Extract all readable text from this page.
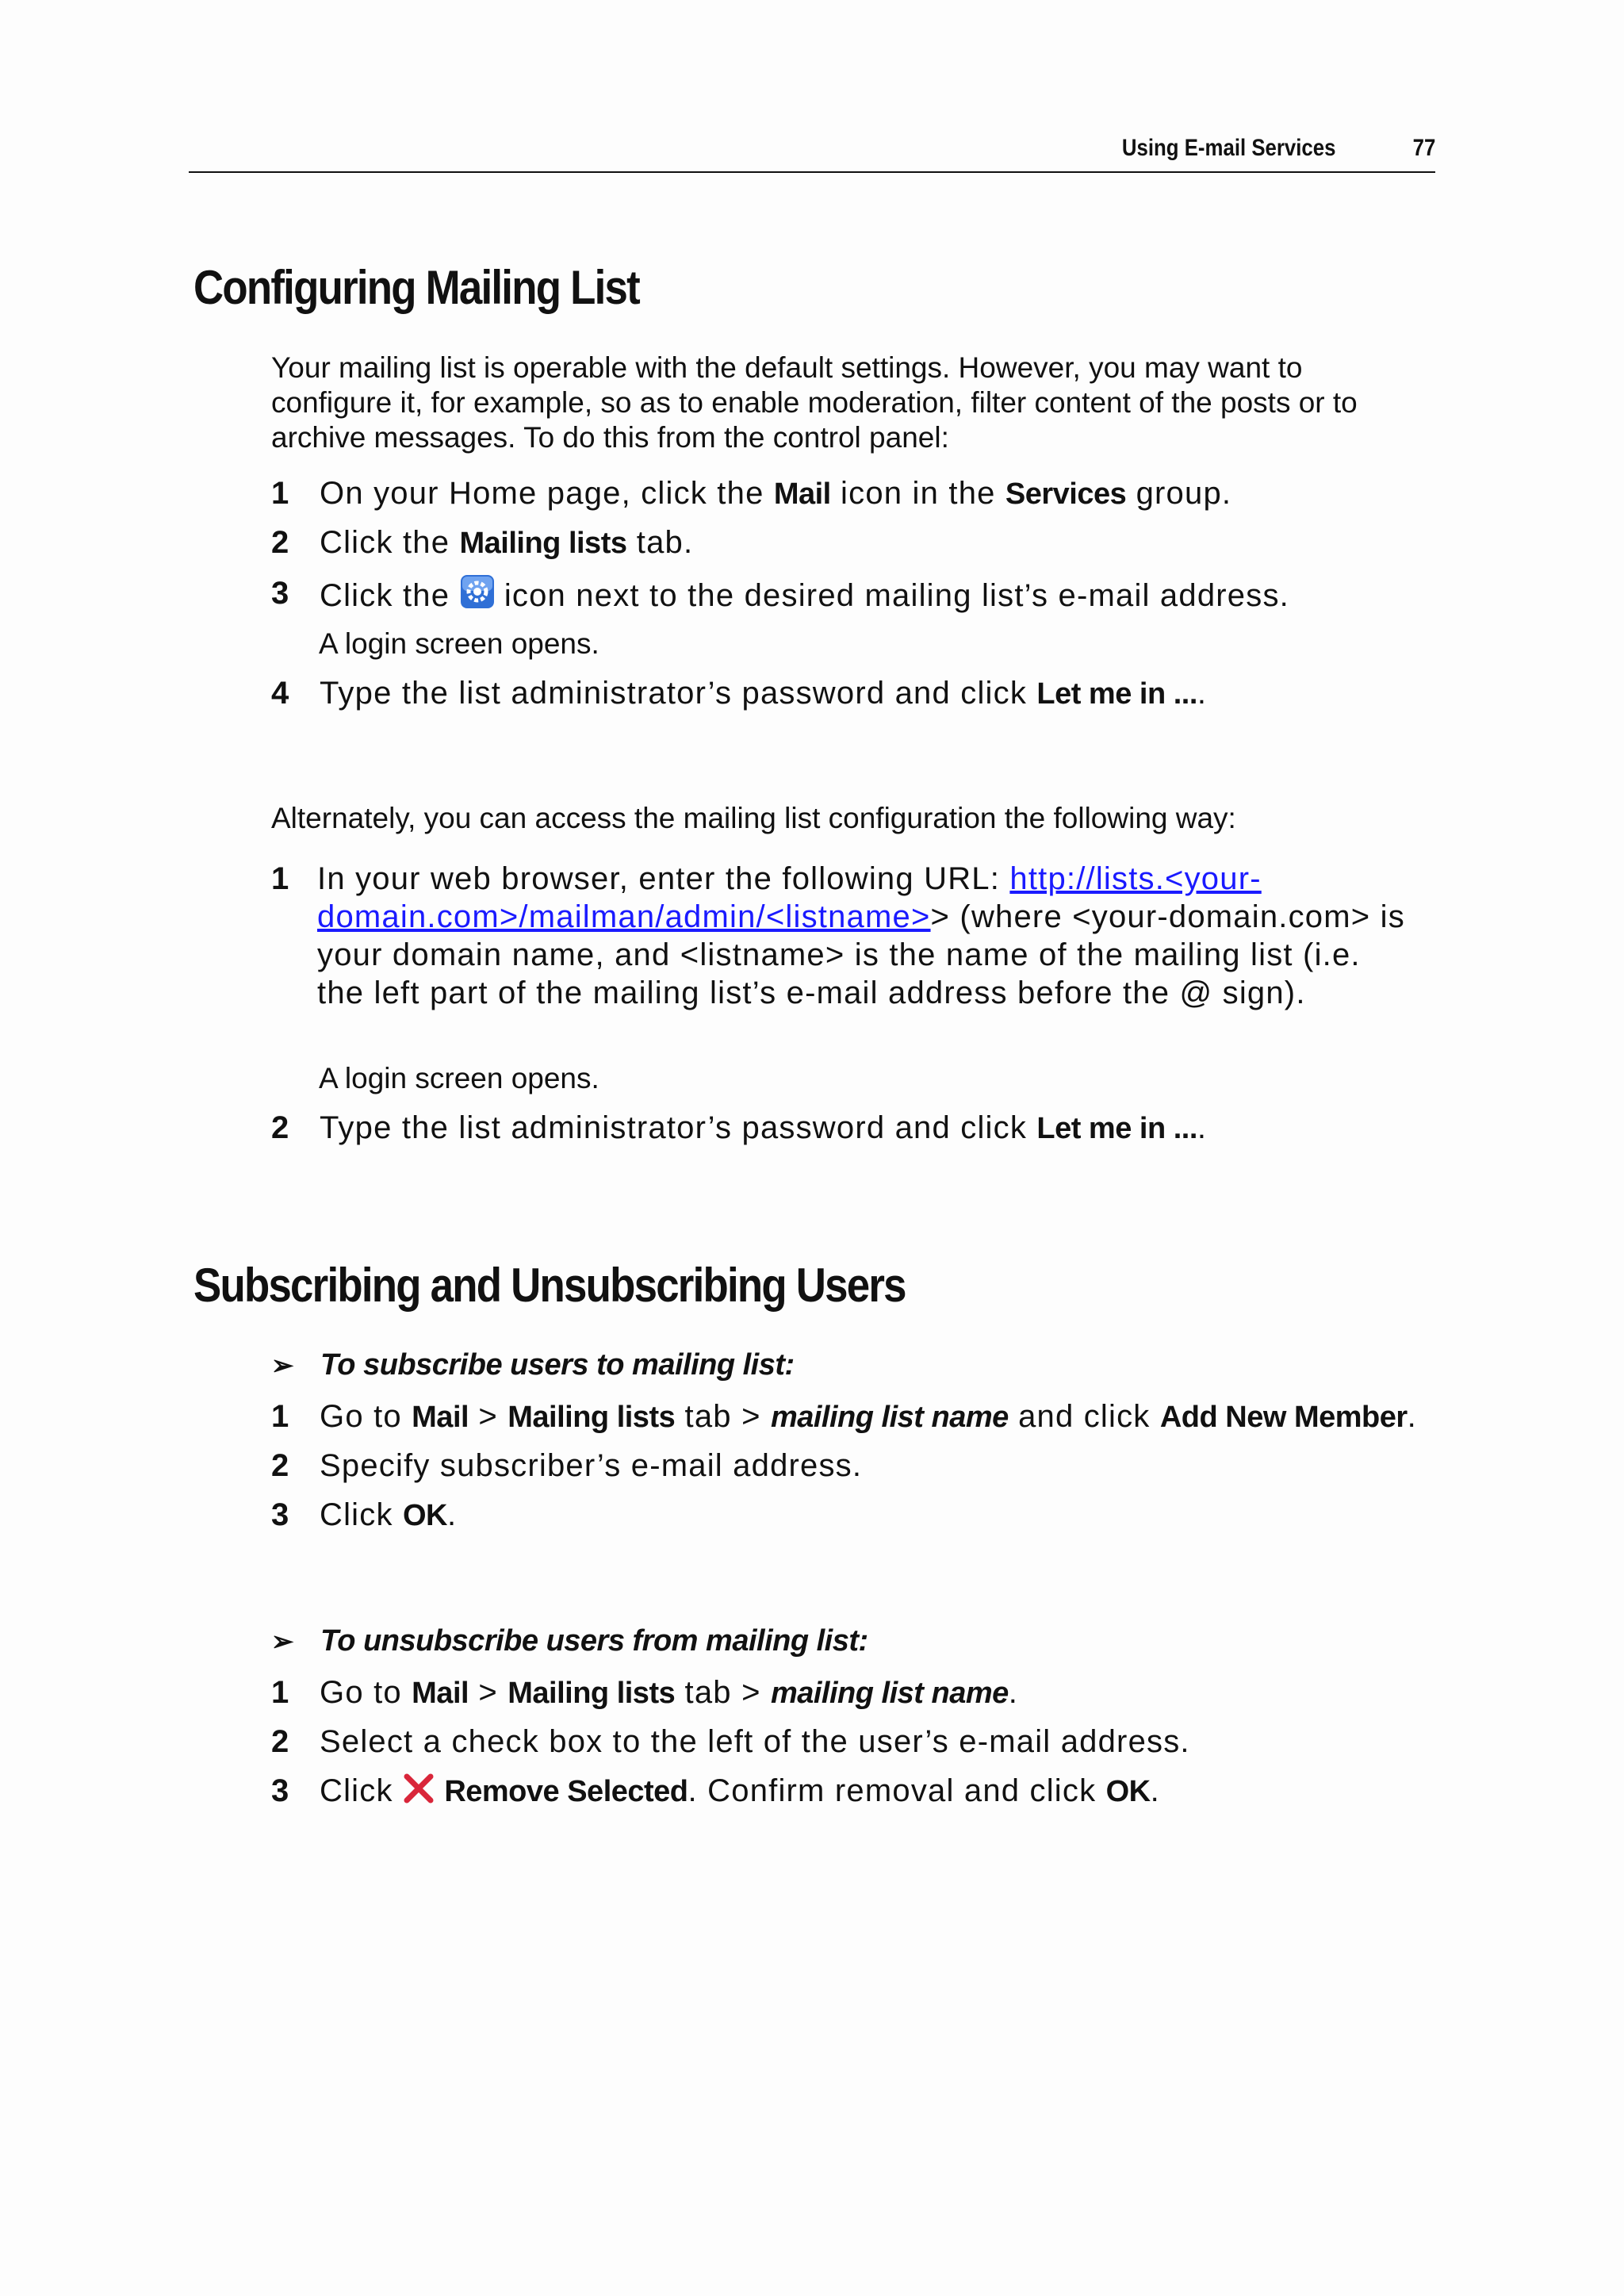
Using E-mail Services	77
Configuring Mailing List
Your mailing list is operable with the default settings. However, you may want to configure it, for example, so as to enable moderation, filter content of the posts or to archive messages. To do this from the control panel:
1 On your Home page, click the Mail icon in the Services group.
2 Click the Mailing lists tab.
3 Click the  icon next to the desired mailing list’s e-mail address.
A login screen opens.
4 Type the list administrator’s password and click Let me in ....
Alternately, you can access the mailing list configuration the following way:
1 In your web browser, enter the following URL: http://lists.<your-domain.com>/mailman/admin/<listname>> (where <your-domain.com> is your domain name, and <listname> is the name of the mailing list (i.e. the left part of the mailing list’s e-mail address before the @ sign).
A login screen opens.
2 Type the list administrator’s password and click Let me in ....
Subscribing and Unsubscribing Users
➢ To subscribe users to mailing list:
1 Go to Mail > Mailing lists tab > mailing list name and click Add New Member.
2 Specify subscriber’s e-mail address.
3 Click OK.
➢ To unsubscribe users from mailing list:
1 Go to Mail > Mailing lists tab > mailing list name.
2 Select a check box to the left of the user’s e-mail address.
3 Click  Remove Selected. Confirm removal and click OK.
